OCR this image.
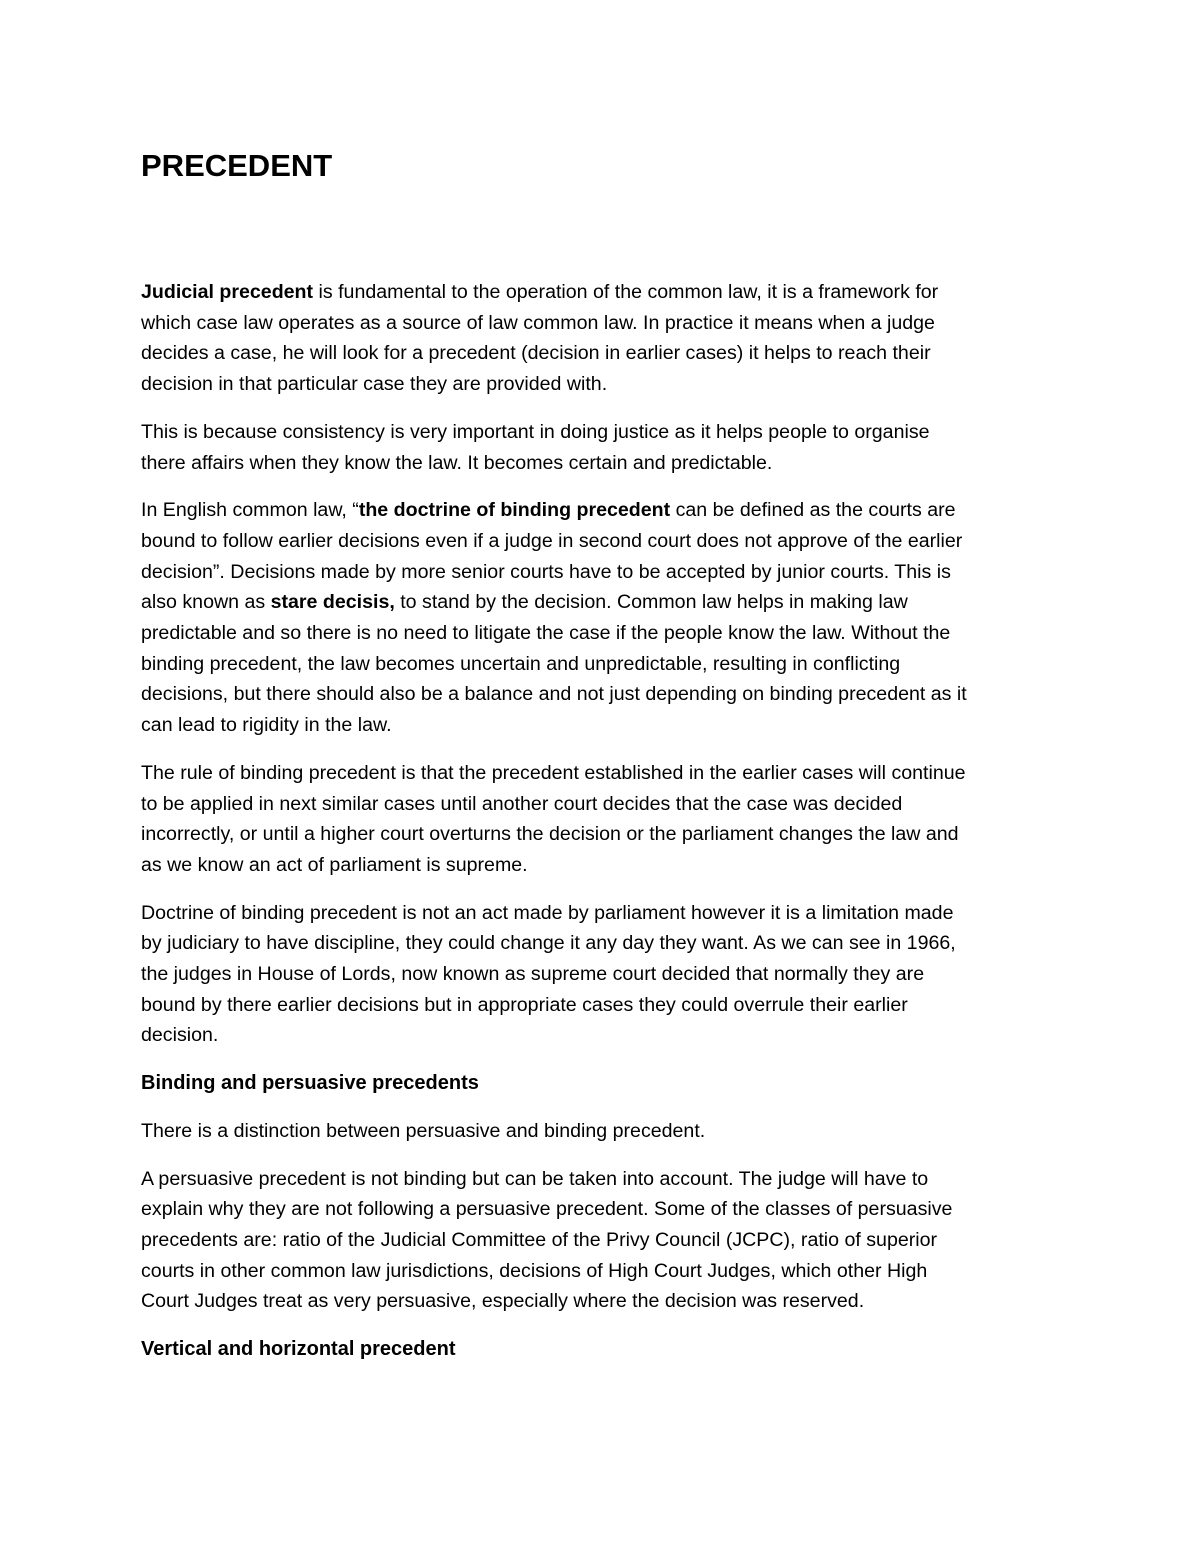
PRECEDENT

Judicial precedent is fundamental to the operation of the common law, it is a framework for
which case law operates as a source of law common law. In practice it means when a judge
decides a case, he will look for a precedent (decision in earlier cases) it helps to reach their
decision in that particular case they are provided with.

This is because consistency is very important in doing justice as it helps people to organise
there affairs when they know the law. It becomes certain and predictable.

In English common law, “the doctrine of binding precedent can be defined as the courts are
bound to follow earlier decisions even if a judge in second court does not approve of the earlier
decision”. Decisions made by more senior courts have to be accepted by junior courts. This is
also known as stare decisis, to stand by the decision. Common law helps in making law
predictable and so there is no need to litigate the case if the people know the law. Without the
binding precedent, the law becomes uncertain and unpredictable, resulting in conflicting
decisions, but there should also be a balance and not just depending on binding precedent as it
can lead to rigidity in the law.

The rule of binding precedent is that the precedent established in the earlier cases will continue
to be applied in next similar cases until another court decides that the case was decided
incorrectly, or until a higher court overturns the decision or the parliament changes the law and
as we know an act of parliament is supreme.

Doctrine of binding precedent is not an act made by parliament however it is a limitation made
by judiciary to have discipline, they could change it any day they want. As we can see in 1966,
the judges in House of Lords, now known as supreme court decided that normally they are
bound by there earlier decisions but in appropriate cases they could overrule their earlier
decision.

Binding and persuasive precedents

There is a distinction between persuasive and binding precedent.

A persuasive precedent is not binding but can be taken into account. The judge will have to
explain why they are not following a persuasive precedent. Some of the classes of persuasive
precedents are: ratio of the Judicial Committee of the Privy Council (JCPC), ratio of superior
courts in other common law jurisdictions, decisions of High Court Judges, which other High
Court Judges treat as very persuasive, especially where the decision was reserved.

Vertical and horizontal precedent
